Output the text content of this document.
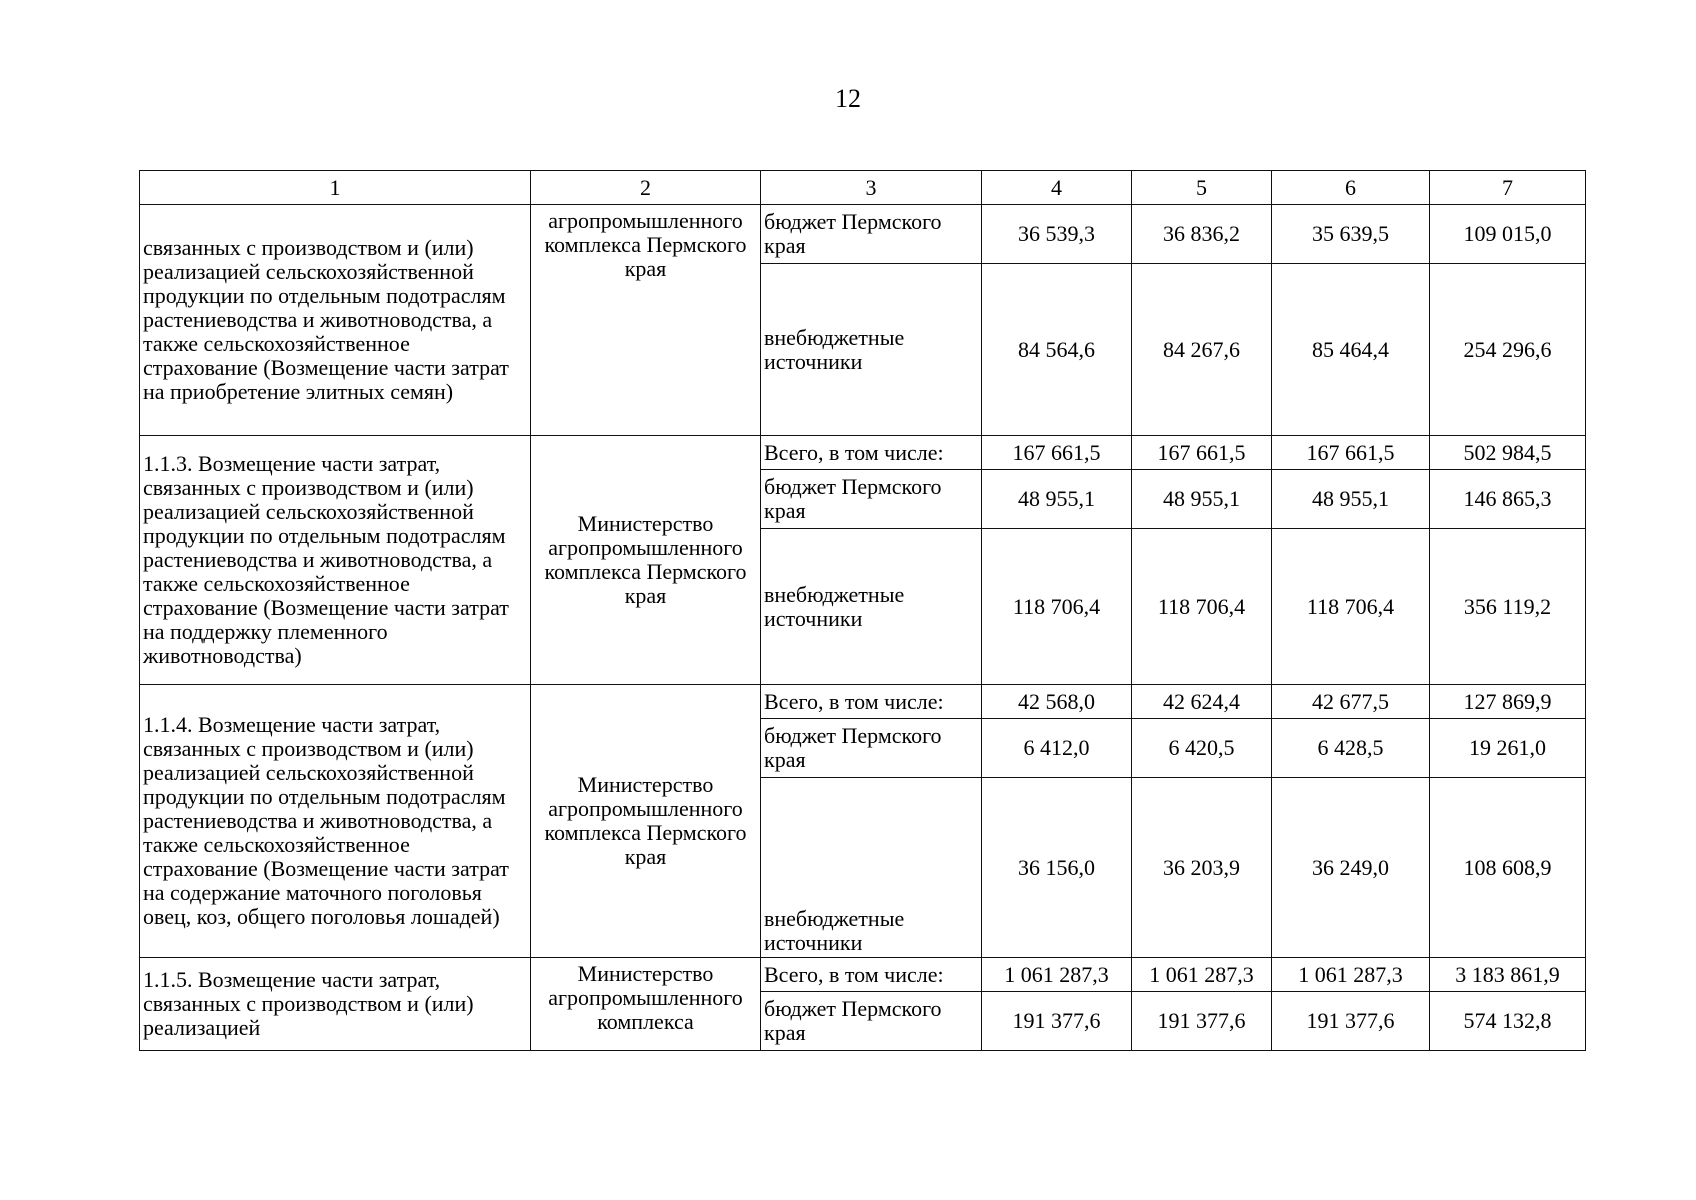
12
1	2	3	4	5	6	7
связанных с производством и (или) реализацией сельскохозяйственной продукции по отдельным подотраслям растениеводства и животноводства, а также сельскохозяйственное страхование (Возмещение части затрат на приобретение элитных семян)	агропромышленного комплекса Пермского края	бюджет Пермского края	36 539,3	36 836,2	35 639,5	109 015,0
		внебюджетные источники	84 564,6	84 267,6	85 464,4	254 296,6
1.1.3. Возмещение части затрат, связанных с производством и (или) реализацией сельскохозяйственной продукции по отдельным подотраслям растениеводства и животноводства, а также сельскохозяйственное страхование (Возмещение части затрат на поддержку племенного животноводства)	Министерство агропромышленного комплекса Пермского края	Всего, в том числе:	167 661,5	167 661,5	167 661,5	502 984,5
		бюджет Пермского края	48 955,1	48 955,1	48 955,1	146 865,3
		внебюджетные источники	118 706,4	118 706,4	118 706,4	356 119,2
1.1.4. Возмещение части затрат, связанных с производством и (или) реализацией сельскохозяйственной продукции по отдельным подотраслям растениеводства и животноводства, а также сельскохозяйственное страхование (Возмещение части затрат на содержание маточного поголовья овец, коз, общего поголовья лошадей)	Министерство агропромышленного комплекса Пермского края	Всего, в том числе:	42 568,0	42 624,4	42 677,5	127 869,9
		бюджет Пермского края	6 412,0	6 420,5	6 428,5	19 261,0
		внебюджетные источники	36 156,0	36 203,9	36 249,0	108 608,9
1.1.5. Возмещение части затрат, связанных с производством и (или) реализацией	Министерство агропромышленного комплекса	Всего, в том числе:	1 061 287,3	1 061 287,3	1 061 287,3	3 183 861,9
		бюджет Пермского края	191 377,6	191 377,6	191 377,6	574 132,8
